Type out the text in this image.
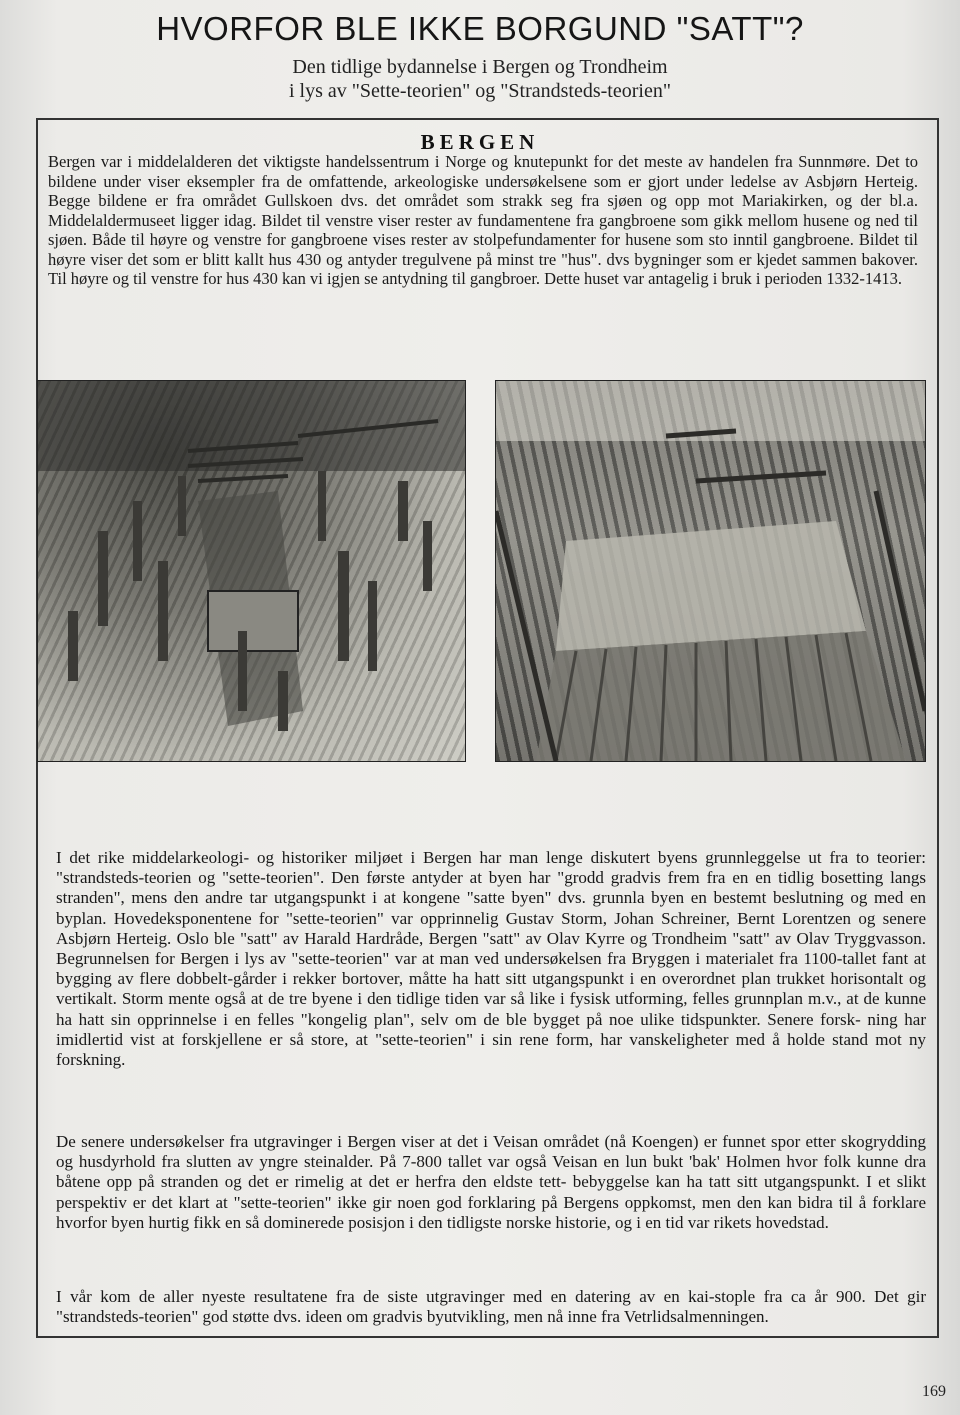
HVORFOR BLE IKKE BORGUND "SATT"?
Den tidlige bydannelse i Bergen og Trondheim
i lys av "Sette-teorien" og "Strandsteds-teorien"
BERGEN
Bergen var i middelalderen det viktigste handelssentrum i Norge og knutepunkt for det meste av handelen fra Sunnmøre. Det to bildene under viser eksempler fra de omfattende, arkeologiske undersøkelsene som er gjort under ledelse av Asbjørn Herteig. Begge bildene er fra området Gullskoen dvs. det området som strakk seg fra sjøen og opp mot Mariakirken, og der bl.a. Middelaldermuseet ligger idag. Bildet til venstre viser rester av fundamentene fra gangbroene som gikk mellom husene og ned til sjøen. Både til høyre og venstre for gangbroene vises rester av stolpefundamenter for husene som sto inntil gangbroene. Bildet til høyre viser det som er blitt kallt hus 430 og antyder tregulvene på minst tre "hus". dvs bygninger som er kjedet sammen bakover. Til høyre og til venstre for hus 430 kan vi igjen se antydning til gangbroer. Dette huset var antagelig i bruk i perioden 1332-1413.
I det rike middelarkeologi- og historiker miljøet i Bergen har man lenge diskutert byens grunnleggelse ut fra to teorier: "strandsteds-teorien og "sette-teorien". Den første antyder at byen har "grodd gradvis frem fra en en tidlig bosetting langs stranden", mens den andre tar utgangspunkt i at kongene "satte byen" dvs. grunnla byen en bestemt beslutning og med en byplan. Hovedeksponentene for "sette-teorien" var opprinnelig Gustav Storm, Johan Schreiner, Bernt Lorentzen og senere Asbjørn Herteig. Oslo ble "satt" av Harald Hardråde, Bergen "satt" av Olav Kyrre og Trondheim "satt" av Olav Tryggvasson. Begrunnelsen for Bergen i lys av "sette-teorien" var at man ved undersøkelsen fra Bryggen i materialet fra 1100-tallet fant at bygging av flere dobbelt-gårder i rekker bortover, måtte ha hatt sitt utgangspunkt i en overordnet plan trukket horisontalt og vertikalt. Storm mente også at de tre byene i den tidlige tiden var så like i fysisk utforming, felles grunnplan m.v., at de kunne ha hatt sin opprinnelse i en felles "kongelig plan", selv om de ble bygget på noe ulike tidspunkter. Senere forsk- ning har imidlertid vist at forskjellene er så store, at "sette-teorien" i sin rene form, har vanskeligheter med å holde stand mot ny forskning.
De senere undersøkelser fra utgravinger i Bergen viser at det i Veisan området (nå Koengen) er funnet spor etter skogrydding og husdyrhold fra slutten av yngre steinalder. På 7-800 tallet var også Veisan en lun bukt 'bak' Holmen hvor folk kunne dra båtene opp på stranden og det er rimelig at det er herfra den eldste tett- bebyggelse kan ha tatt sitt utgangspunkt. I et slikt perspektiv er det klart at "sette-teorien" ikke gir noen god forklaring på Bergens oppkomst, men den kan bidra til å forklare hvorfor byen hurtig fikk en så dominerede posisjon i den tidligste norske historie, og i en tid var rikets hovedstad.
I vår kom de aller nyeste resultatene fra de siste utgravinger med en datering av en kai-stople fra ca år 900. Det gir "strandsteds-teorien" god støtte dvs. ideen om gradvis byutvikling, men nå inne fra Vetrlidsalmenningen.
169
